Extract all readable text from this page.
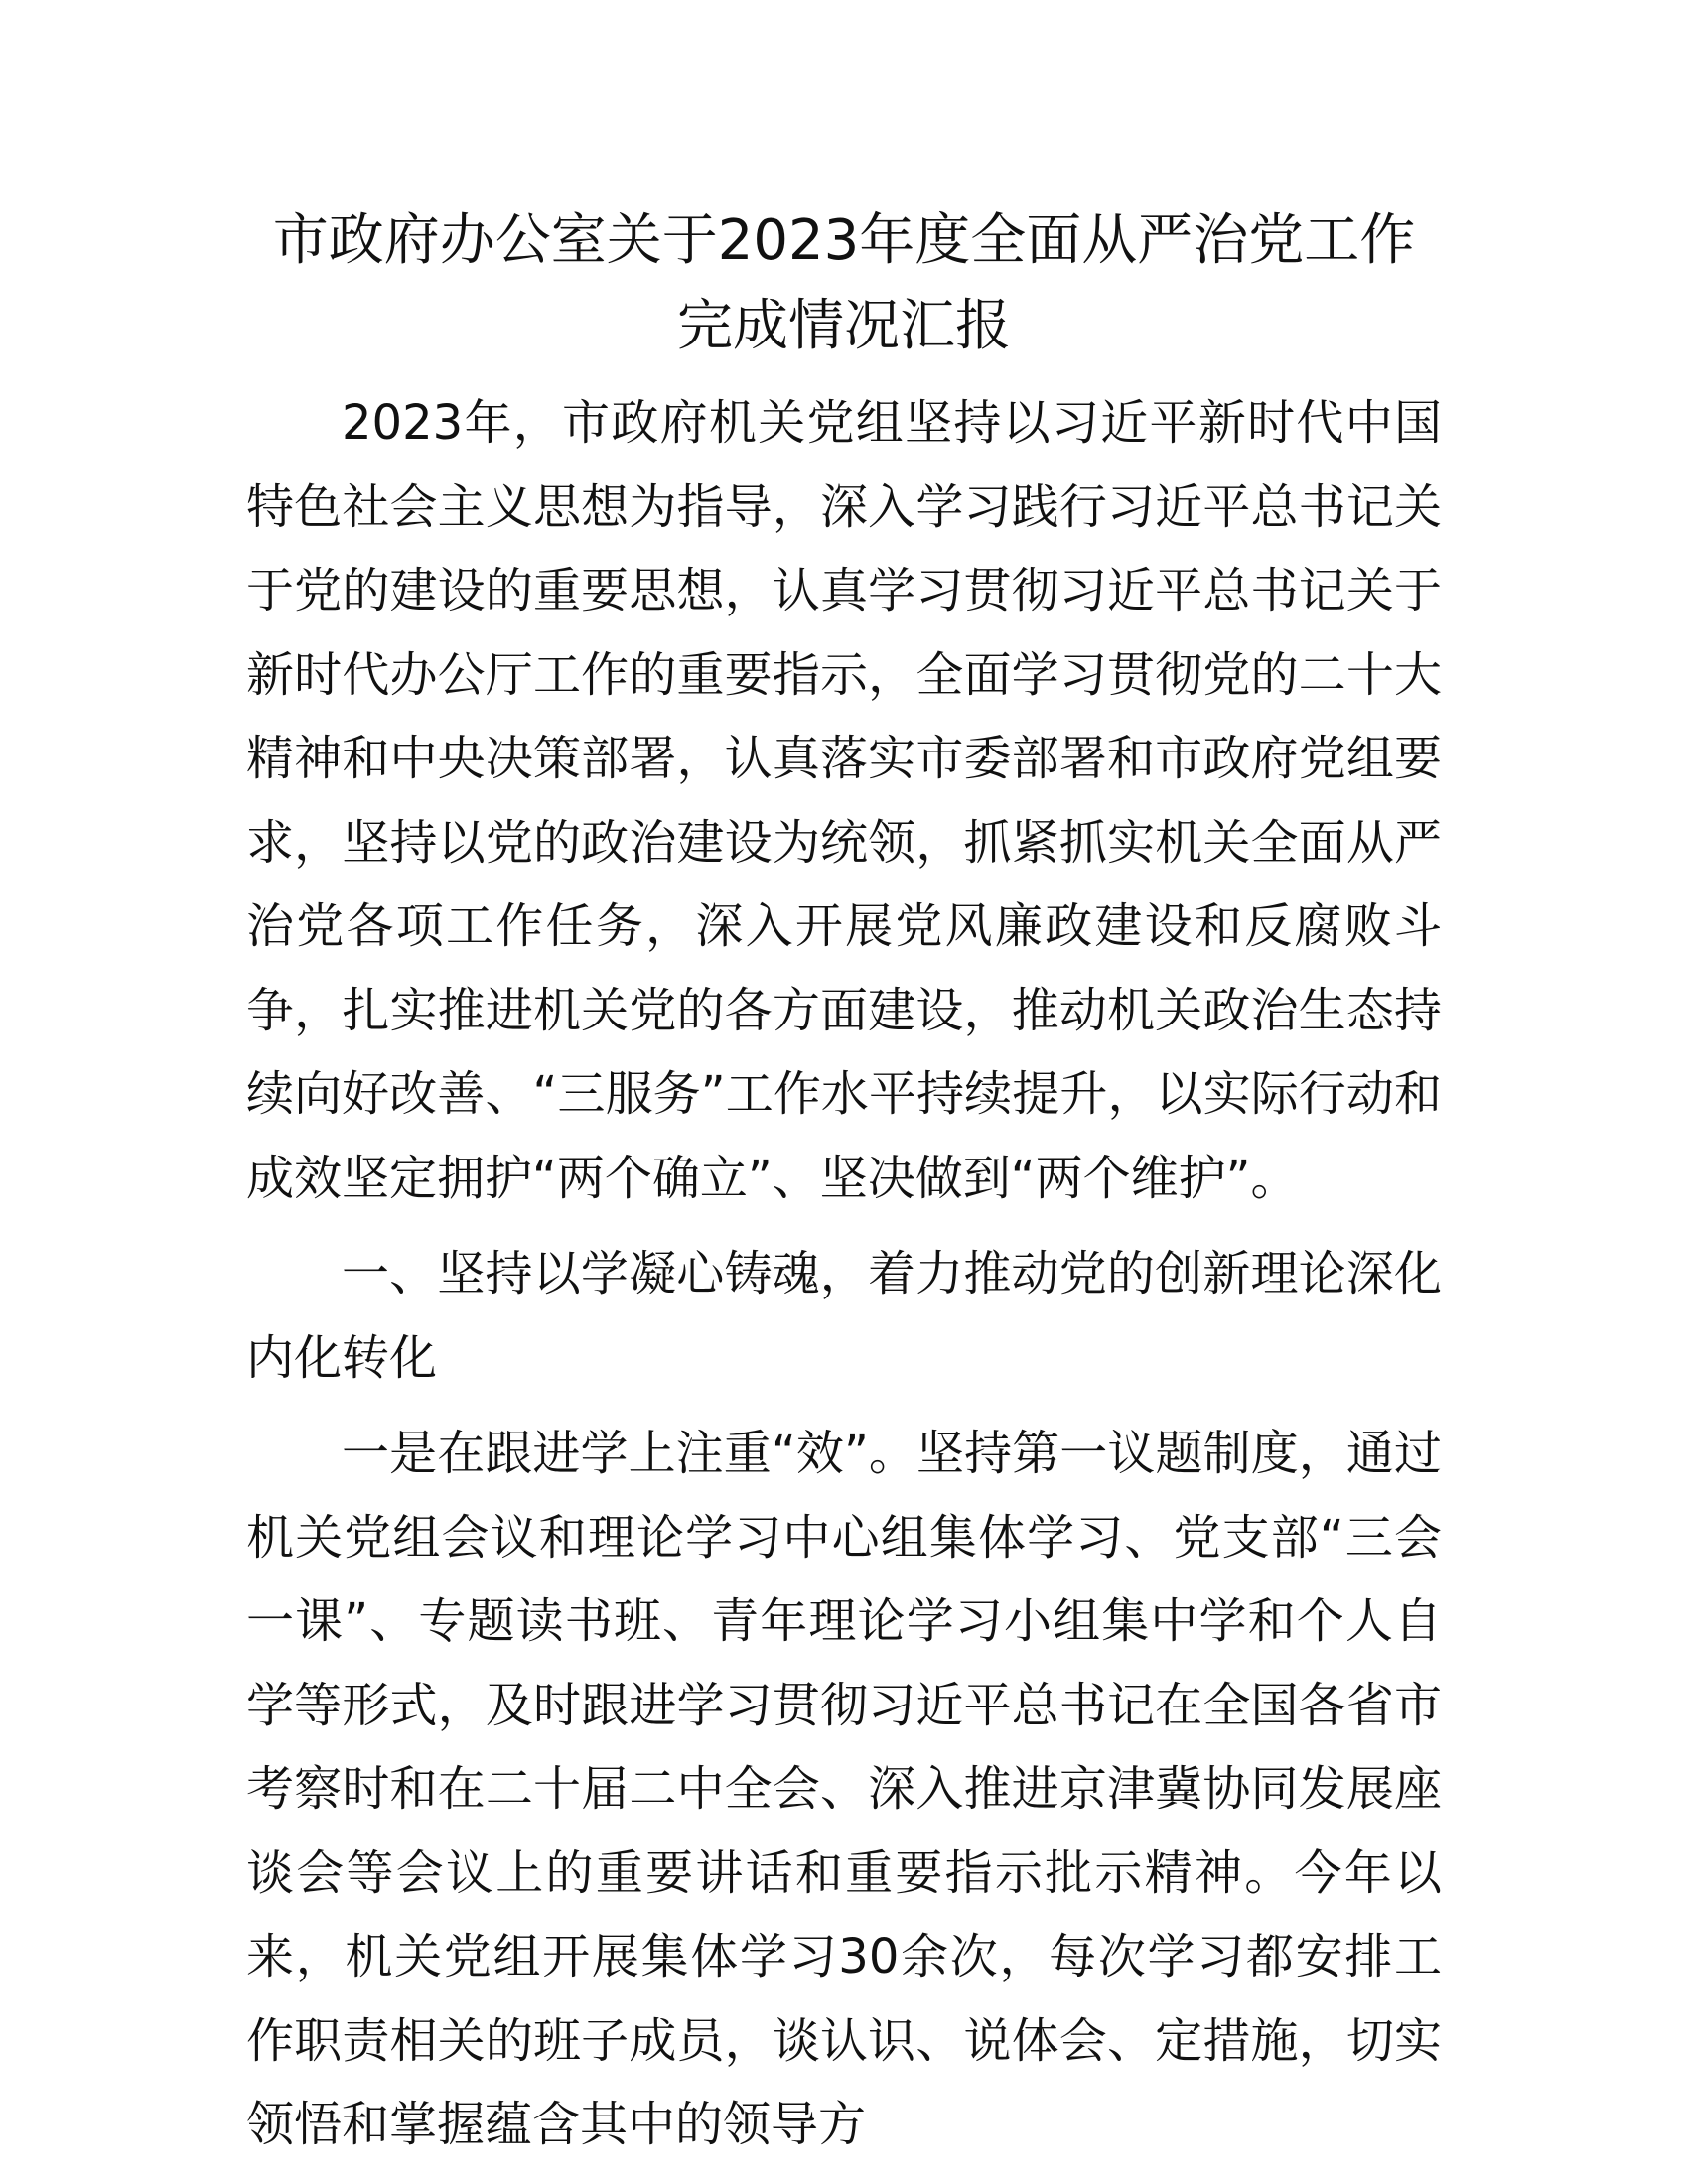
市政府办公室关于2023年度全面从严治党工作
完成情况汇报

2023年，市政府机关党组坚持以习近平新时代中国特色社会主义思想为指导，深入学习践行习近平总书记关于党的建设的重要思想，认真学习贯彻习近平总书记关于新时代办公厅工作的重要指示，全面学习贯彻党的二十大精神和中央决策部署，认真落实市委部署和市政府党组要求，坚持以党的政治建设为统领，抓紧抓实机关全面从严治党各项工作任务，深入开展党风廉政建设和反腐败斗争，扎实推进机关党的各方面建设，推动机关政治生态持续向好改善、“三服务”工作水平持续提升，以实际行动和成效坚定拥护“两个确立”、坚决做到“两个维护”。

一、坚持以学凝心铸魂，着力推动党的创新理论深化内化转化

一是在跟进学上注重“效”。坚持第一议题制度，通过机关党组会议和理论学习中心组集体学习、党支部“三会一课”、专题读书班、青年理论学习小组集中学和个人自学等形式，及时跟进学习贯彻习近平总书记在全国各省市考察时和在二十届二中全会、深入推进京津冀协同发展座谈会等会议上的重要讲话和重要指示批示精神。今年以来，机关党组开展集体学习30余次，每次学习都安排工作职责相关的班子成员，谈认识、说体会、定措施，切实领悟和掌握蕴含其中的领导方
